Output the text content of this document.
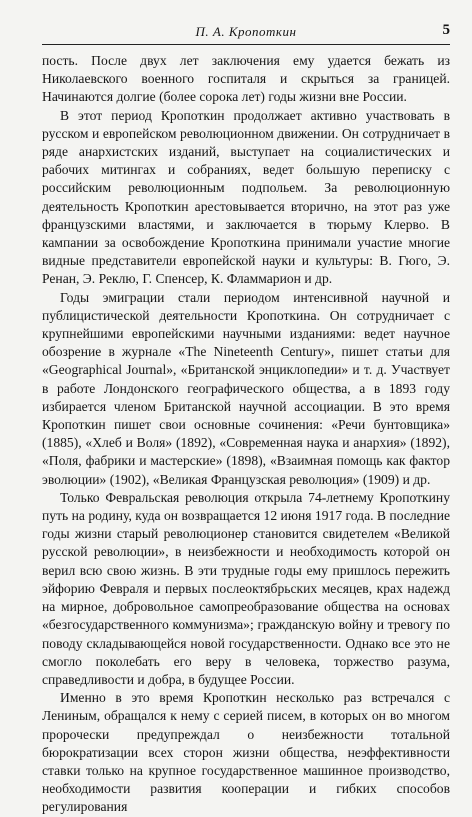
П. А. Кропоткин	5

пость. После двух лет заключения ему удается бежать из Николаевского военного госпиталя и скрыться за границей. Начинаются долгие (более сорока лет) годы жизни вне России.

В этот период Кропоткин продолжает активно участвовать в русском и европейском революционном движении. Он сотрудничает в ряде анархистских изданий, выступает на социалистических и рабочих митингах и собраниях, ведет большую переписку с российским революционным подпольем. За революционную деятельность Кропоткин арестовывается вторично, на этот раз уже французскими властями, и заключается в тюрьму Клерво. В кампании за освобождение Кропоткина принимали участие многие видные представители европейской науки и культуры: В. Гюго, Э. Ренан, Э. Реклю, Г. Спенсер, К. Фламмарион и др.

Годы эмиграции стали периодом интенсивной научной и публицистической деятельности Кропоткина. Он сотрудничает с крупнейшими европейскими научными изданиями: ведет научное обозрение в журнале «The Nineteenth Century», пишет статьи для «Geographical Journal», «Британской энциклопедии» и т. д. Участвует в работе Лондонского географического общества, а в 1893 году избирается членом Британской научной ассоциации. В это время Кропоткин пишет свои основные сочинения: «Речи бунтовщика» (1885), «Хлеб и Воля» (1892), «Современная наука и анархия» (1892), «Поля, фабрики и мастерские» (1898), «Взаимная помощь как фактор эволюции» (1902), «Великая Французская революция» (1909) и др.

Только Февральская революция открыла 74-летнему Кропоткину путь на родину, куда он возвращается 12 июня 1917 года. В последние годы жизни старый революционер становится свидетелем «Великой русской революции», в неизбежности и необходимость которой он верил всю свою жизнь. В эти трудные годы ему пришлось пережить эйфорию Февраля и первых послеоктябрьских месяцев, крах надежд на мирное, добровольное самопреобразование общества на основах «безгосударственного коммунизма»; гражданскую войну и тревогу по поводу складывающейся новой государственности. Однако все это не смогло поколебать его веру в человека, торжество разума, справедливости и добра, в будущее России.

Именно в это время Кропоткин несколько раз встречался с Лениным, обращался к нему с серией писем, в которых он во многом пророчески предупреждал о неизбежности тотальной бюрократизации всех сторон жизни общества, неэффективности ставки только на крупное государственное машинное производство, необходимости развития кооперации и гибких способов регулирования
